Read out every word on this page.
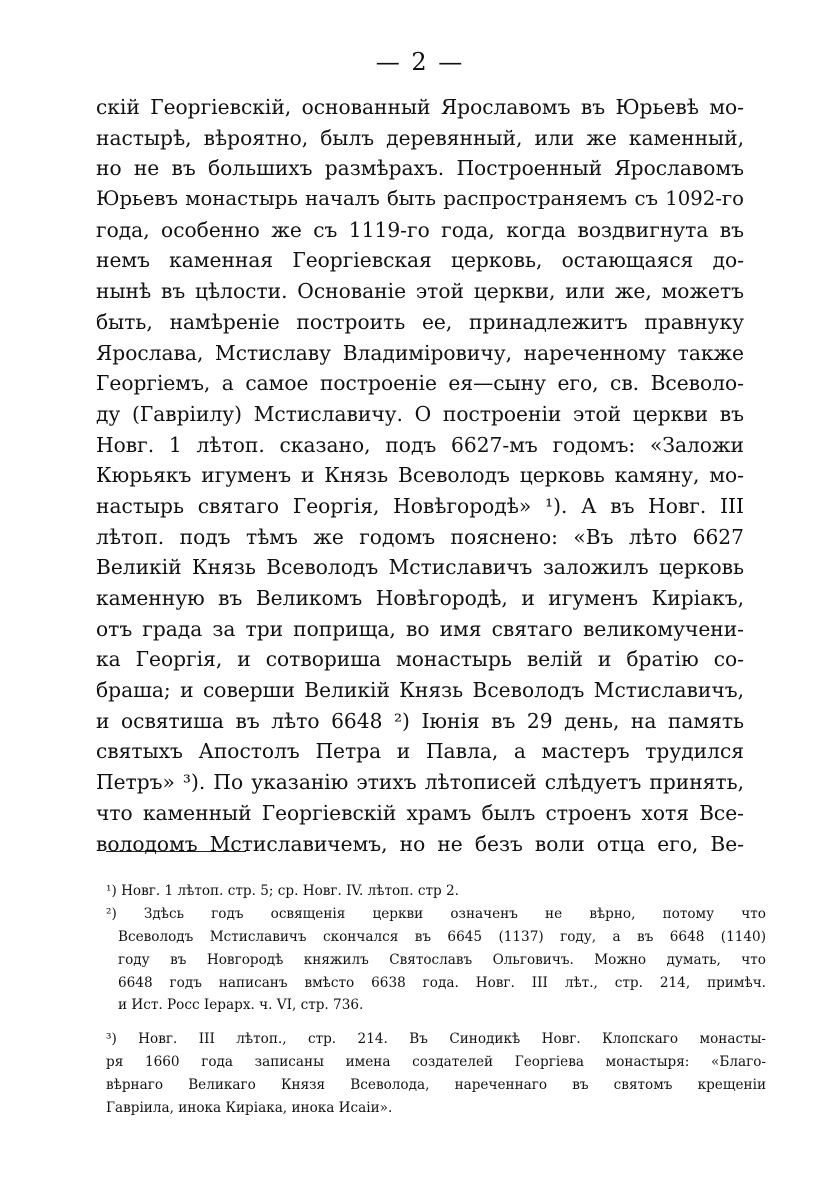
— 2 —
скій Георгіевскій, основанный Ярославомъ въ Юрьевѣ мо-
настырѣ, вѣроятно, былъ деревянный, или же каменный,
но не въ большихъ размѣрахъ. Построенный Ярославомъ
Юрьевъ монастырь началъ быть распространяемъ съ 1092-го
года, особенно же съ 1119-го года, когда воздвигнута въ
немъ каменная Георгіевская церковь, остающаяся до-
нынѣ въ цѣлости. Основаніе этой церкви, или же, можетъ
быть, намѣреніе построить ее, принадлежитъ правнуку
Ярослава, Мстиславу Владиміровичу, нареченному также
Георгіемъ, а самое построеніе ея—сыну его, св. Всеволо-
ду (Гавріилу) Мстиславичу. О построеніи этой церкви въ
Новг. 1 лѣтоп. сказано, подъ 6627-мъ годомъ: «Заложи
Кюрьякъ игуменъ и Князь Всеволодъ церковь камяну, мо-
настырь святаго Георгія, Новѣгородѣ» ¹). А въ Новг. III
лѣтоп. подъ тѣмъ же годомъ пояснено: «Въ лѣто 6627
Великій Князь Всеволодъ Мстиславичъ заложилъ церковь
каменную въ Великомъ Новѣгородѣ, и игуменъ Киріакъ,
отъ града за три поприща, во имя святаго великомучени-
ка Георгія, и сотвориша монастырь велій и братію со-
браша; и соверши Великій Князь Всеволодъ Мстиславичъ,
и освятиша въ лѣто 6648 ²) Іюнія въ 29 день, на память
святыхъ Апостолъ Петра и Павла, а мастеръ трудился
Петръ» ³). По указанію этихъ лѣтописей слѣдуетъ принять,
что каменный Георгіевскій храмъ былъ строенъ хотя Все-
володомъ Мстиславичемъ, но не безъ воли отца его, Ве-
¹) Новг. 1 лѣтоп. стр. 5; ср. Новг. IV. лѣтоп. стр 2.
²) Здѣсь годъ освященія церкви означенъ не вѣрно, потому что
Всеволодъ Мстиславичъ скончался въ 6645 (1137) году, а въ 6648 (1140)
году въ Новгородѣ княжилъ Святославъ Ольговичъ. Можно думать, что
6648 годъ написанъ вмѣсто 6638 года. Новг. III лѣт., стр. 214, примѣч.
и Ист. Росс Іерарх. ч. VI, стр. 736.
³) Новг. III лѣтоп., стр. 214. Въ Синодикѣ Новг. Клопскаго монасты-
ря 1660 года записаны имена создателей Георгіева монастыря: «Благо-
вѣрнаго Великаго Князя Всеволода, нареченнаго въ святомъ крещеніи
Гавріила, инока Киріака, инока Исаіи».
